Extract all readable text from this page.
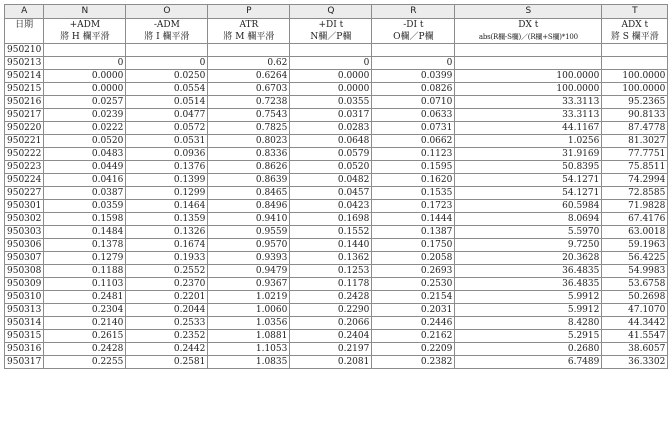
A	N	O	P	Q	R	S	T
日期	+ADM	-ADM	ATR	+DI t	-DI t	DX t	ADX t
	將 H 欄平滑	將 I 欄平滑	將 M 欄平滑	N欄／P欄	O欄／P欄	abs(R欄-S欄)／(R欄+S欄)*100	將 S 欄平滑
950210							
950213	0	0	0.62	0	0		
950214	0.0000	0.0250	0.6264	0.0000	0.0399	100.0000	100.0000
950215	0.0000	0.0554	0.6703	0.0000	0.0826	100.0000	100.0000
950216	0.0257	0.0514	0.7238	0.0355	0.0710	33.3113	95.2365
950217	0.0239	0.0477	0.7543	0.0317	0.0633	33.3113	90.8133
950220	0.0222	0.0572	0.7825	0.0283	0.0731	44.1167	87.4778
950221	0.0520	0.0531	0.8023	0.0648	0.0662	1.0256	81.3027
950222	0.0483	0.0936	0.8336	0.0579	0.1123	31.9169	77.7751
950223	0.0449	0.1376	0.8626	0.0520	0.1595	50.8395	75.8511
950224	0.0416	0.1399	0.8639	0.0482	0.1620	54.1271	74.2994
950227	0.0387	0.1299	0.8465	0.0457	0.1535	54.1271	72.8585
950301	0.0359	0.1464	0.8496	0.0423	0.1723	60.5984	71.9828
950302	0.1598	0.1359	0.9410	0.1698	0.1444	8.0694	67.4176
950303	0.1484	0.1326	0.9559	0.1552	0.1387	5.5970	63.0018
950306	0.1378	0.1674	0.9570	0.1440	0.1750	9.7250	59.1963
950307	0.1279	0.1933	0.9393	0.1362	0.2058	20.3628	56.4225
950308	0.1188	0.2552	0.9479	0.1253	0.2693	36.4835	54.9983
950309	0.1103	0.2370	0.9367	0.1178	0.2530	36.4835	53.6758
950310	0.2481	0.2201	1.0219	0.2428	0.2154	5.9912	50.2698
950313	0.2304	0.2044	1.0060	0.2290	0.2031	5.9912	47.1070
950314	0.2140	0.2533	1.0356	0.2066	0.2446	8.4280	44.3442
950315	0.2615	0.2352	1.0881	0.2404	0.2162	5.2915	41.5547
950316	0.2428	0.2442	1.1053	0.2197	0.2209	0.2680	38.6057
950317	0.2255	0.2581	1.0835	0.2081	0.2382	6.7489	36.3302
